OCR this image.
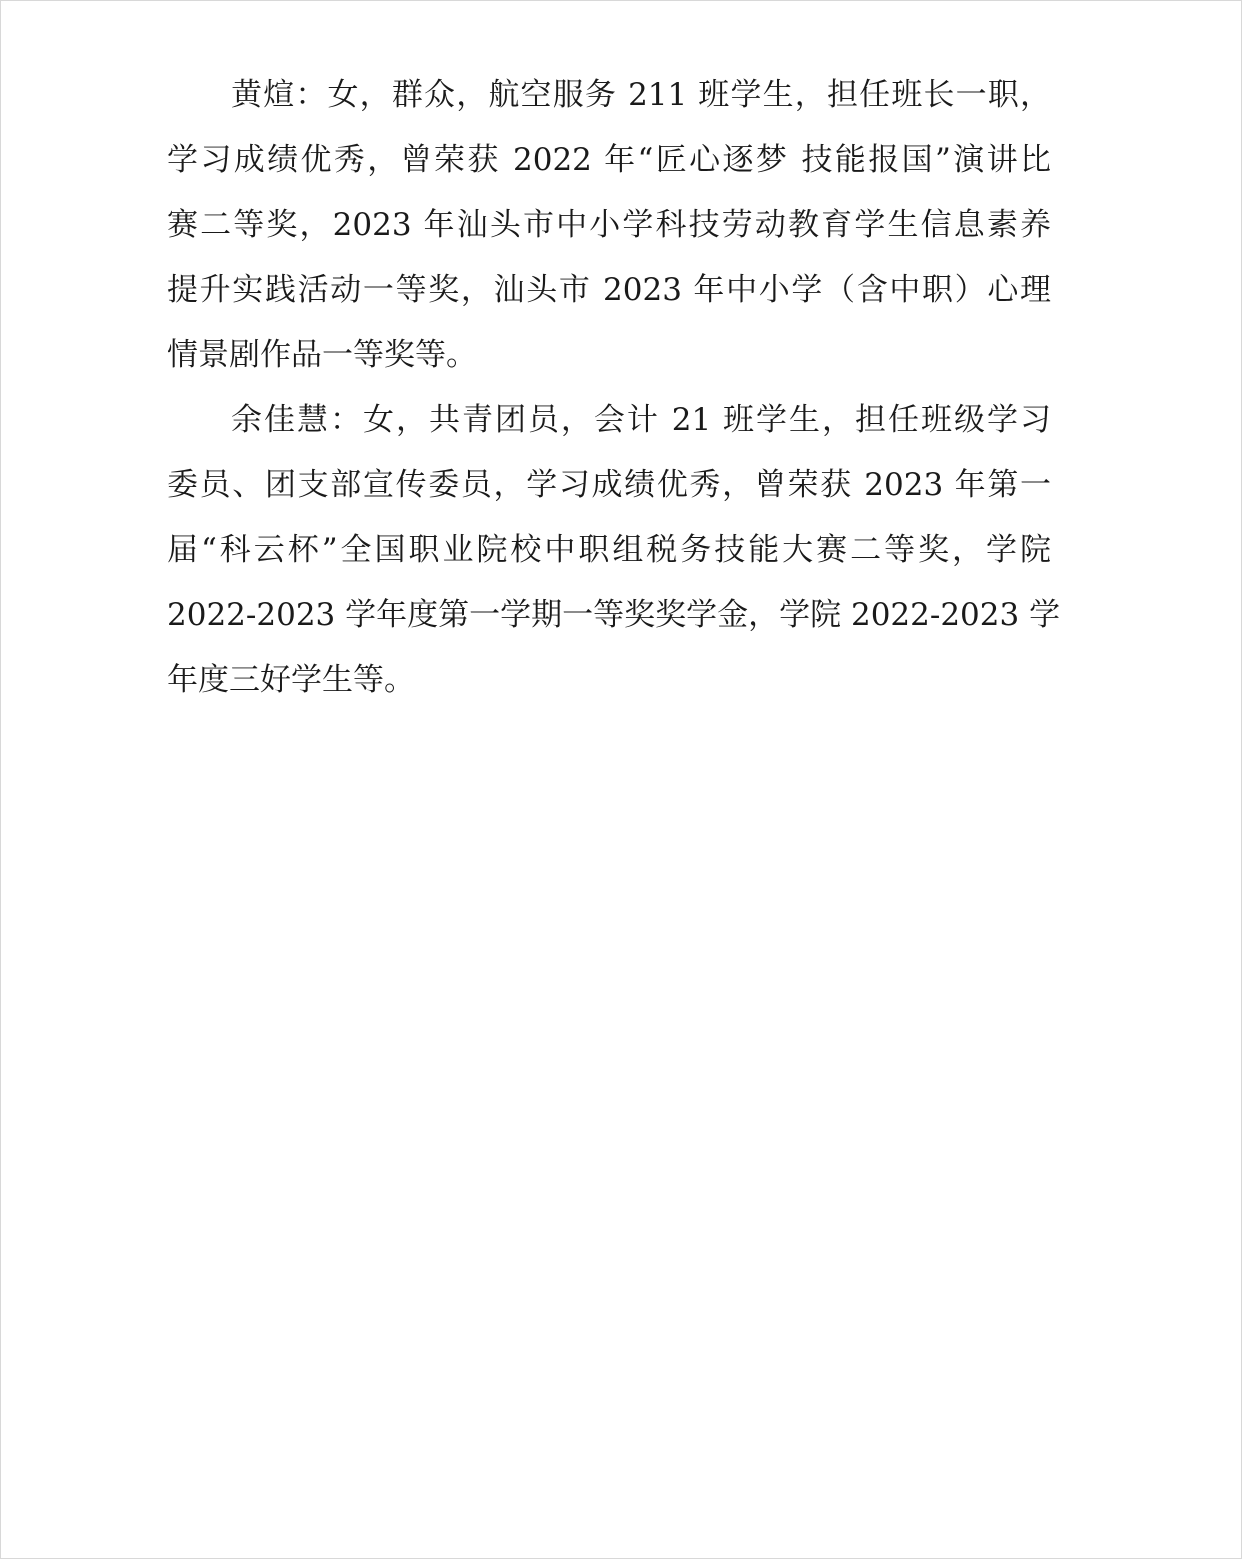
黄煊：女，群众，航空服务 211 班学生，担任班长一职，
学习成绩优秀，曾荣获 2022 年“匠心逐梦 技能报国”演讲比
赛二等奖，2023 年汕头市中小学科技劳动教育学生信息素养
提升实践活动一等奖，汕头市 2023 年中小学（含中职）心理
情景剧作品一等奖等。
余佳慧：女，共青团员，会计 21 班学生，担任班级学习
委员、团支部宣传委员，学习成绩优秀，曾荣获 2023 年第一
届“科云杯”全国职业院校中职组税务技能大赛二等奖，学院
2022-2023 学年度第一学期一等奖奖学金，学院 2022-2023 学
年度三好学生等。
